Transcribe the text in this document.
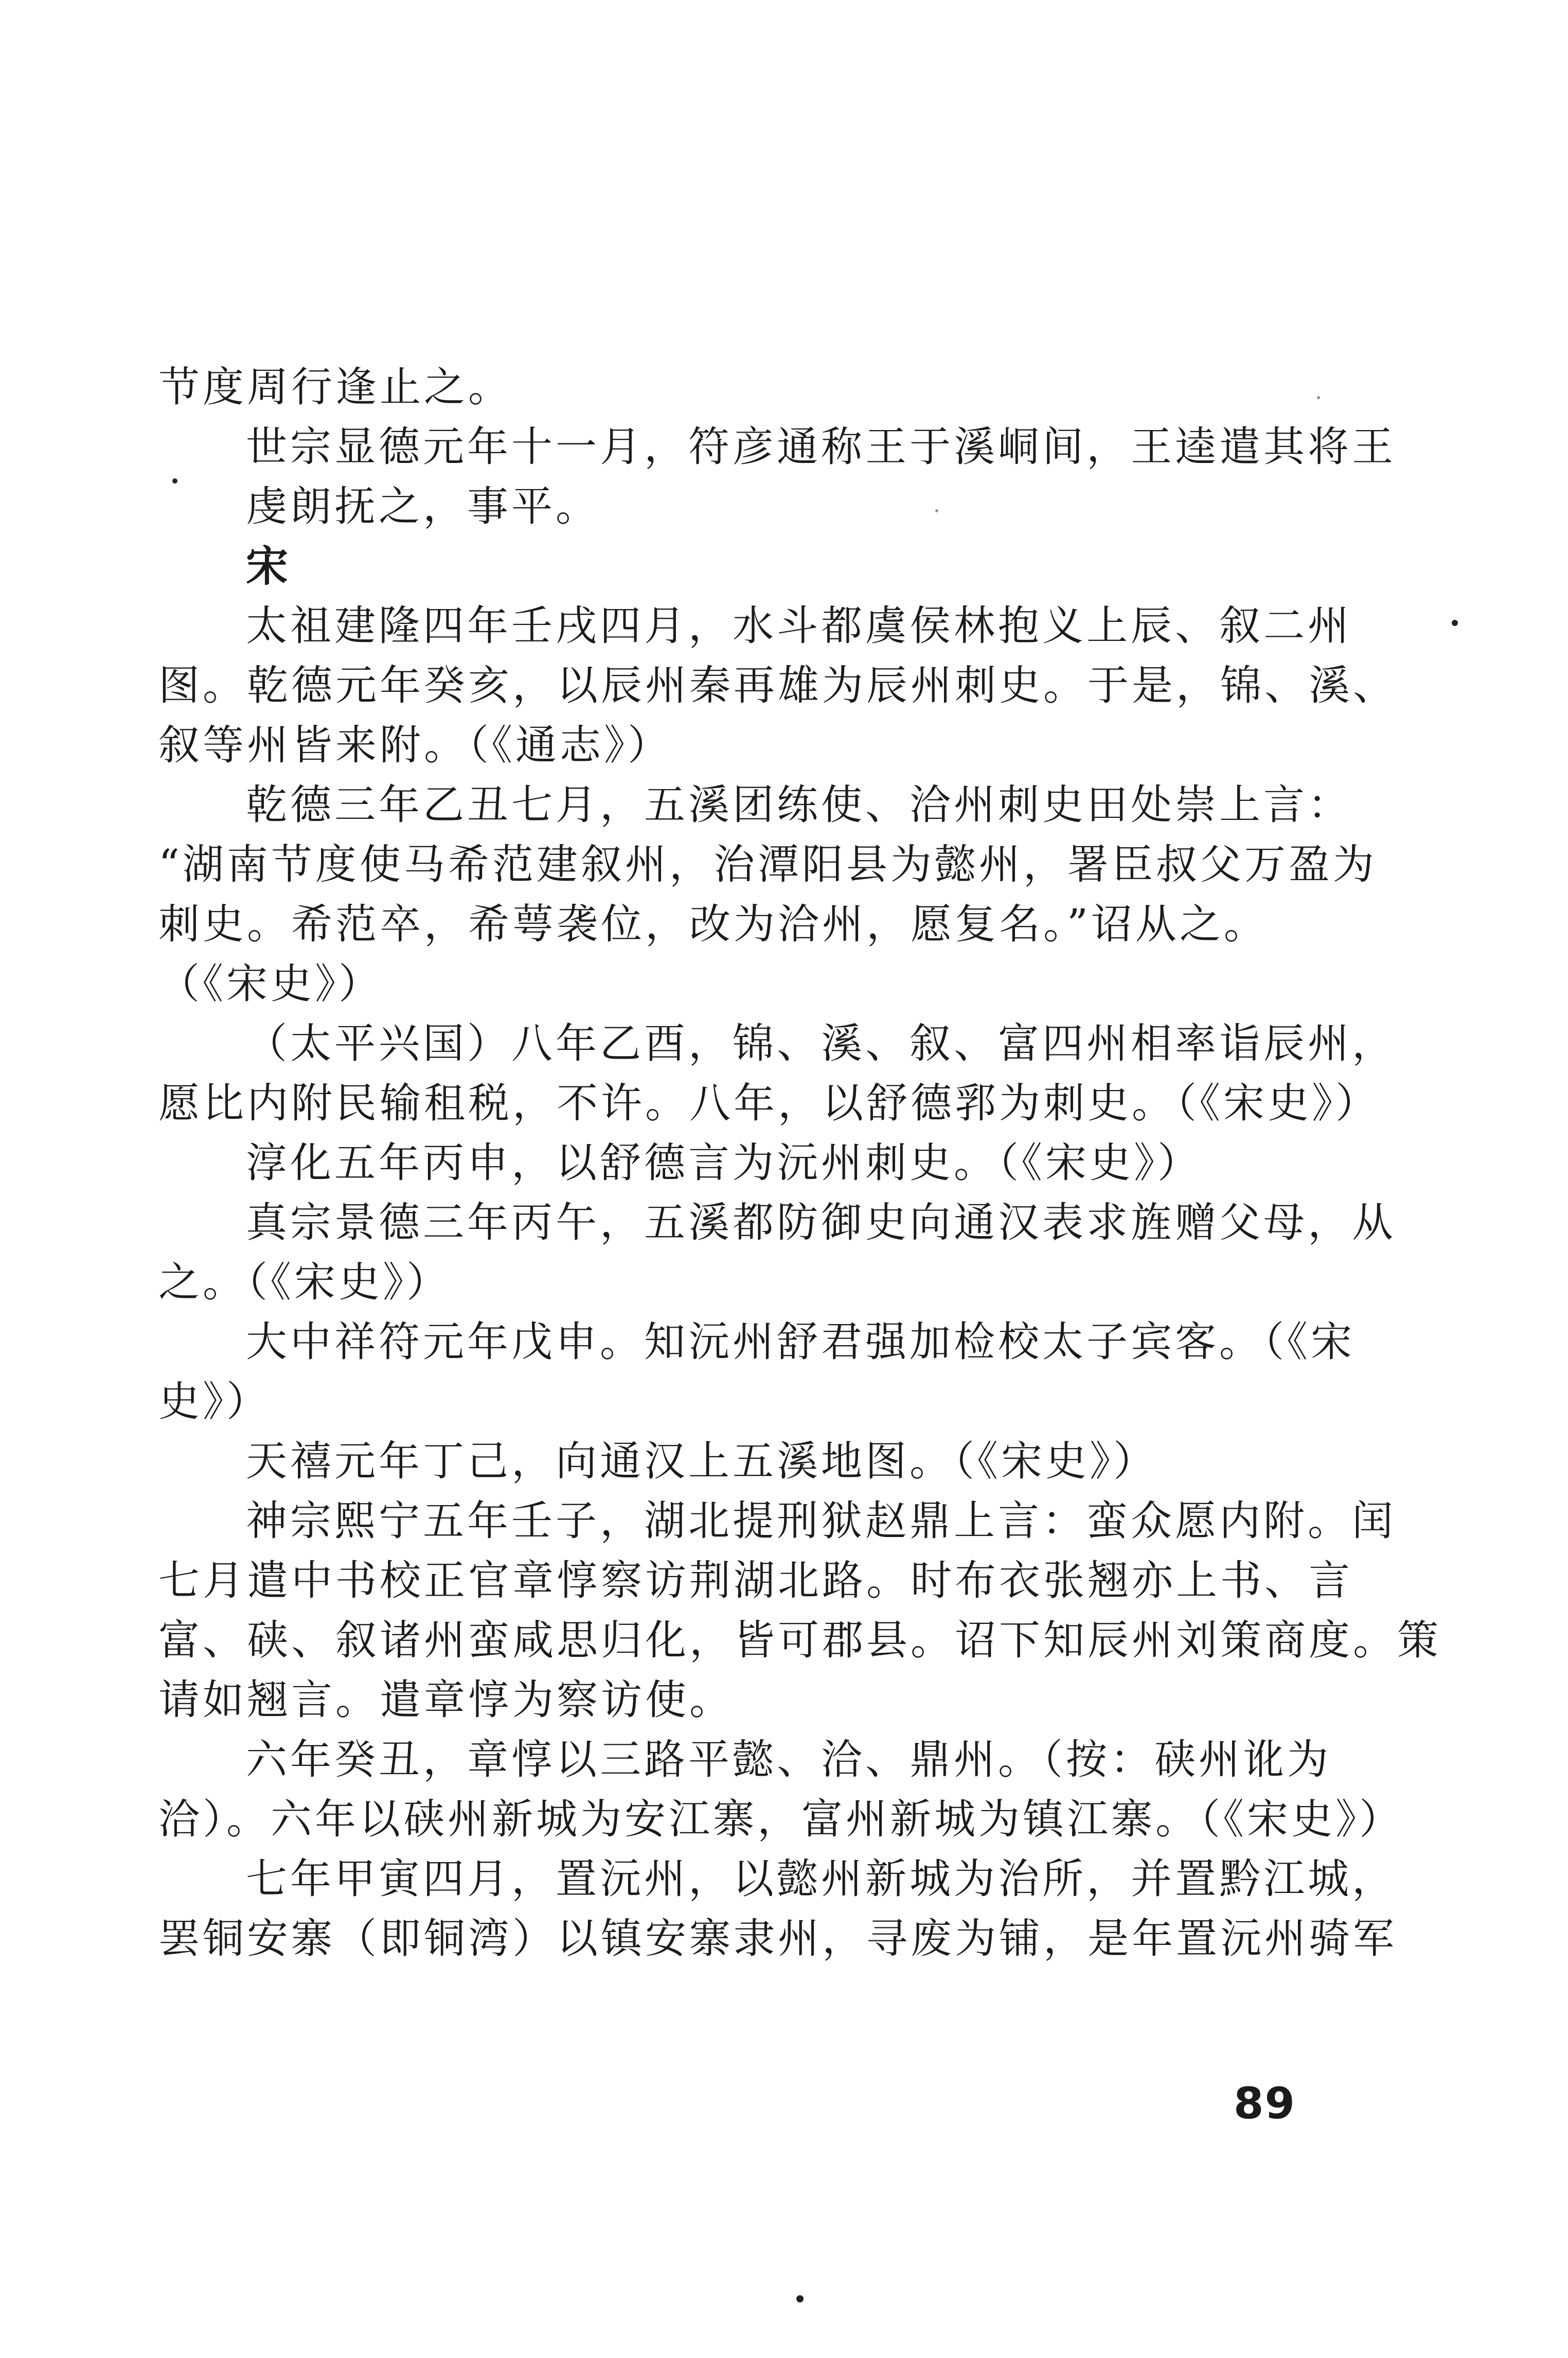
节度周行逢止之。
世宗显德元年十一月，符彦通称王于溪峒间，王逵遣其将王
虔朗抚之，事平。
宋
太祖建隆四年壬戌四月，水斗都虞侯林抱义上辰、叙二州
图。乾德元年癸亥，以辰州秦再雄为辰州刺史。于是，锦、溪、
叙等州皆来附。（《通志》）
乾德三年乙丑七月，五溪团练使、洽州刺史田处崇上言：
“湖南节度使马希范建叙州，治潭阳县为懿州，署臣叔父万盈为
刺史。希范卒，希萼袭位，改为洽州，愿复名。”诏从之。
（《宋史》）
（太平兴国）八年乙酉，锦、溪、叙、富四州相率诣辰州，
愿比内附民输租税，不许。八年，以舒德郛为刺史。（《宋史》）
淳化五年丙申，以舒德言为沅州刺史。（《宋史》）
真宗景德三年丙午，五溪都防御史向通汉表求旌赠父母，从
之。（《宋史》）
大中祥符元年戊申。知沅州舒君强加检校太子宾客。（《宋
史》）
天禧元年丁己，向通汉上五溪地图。（《宋史》）
神宗熙宁五年壬子，湖北提刑狱赵鼎上言：蛮众愿内附。闰
七月遣中书校正官章惇察访荆湖北路。时布衣张翘亦上书、言
富、硖、叙诸州蛮咸思归化，皆可郡县。诏下知辰州刘策商度。策
请如翘言。遣章惇为察访使。
六年癸丑，章惇以三路平懿、洽、鼎州。（按：硖州讹为
洽）。六年以硖州新城为安江寨，富州新城为镇江寨。（《宋史》）
七年甲寅四月，置沅州，以懿州新城为治所，并置黔江城，
罢铜安寨（即铜湾）以镇安寨隶州，寻废为铺，是年置沅州骑军
89
